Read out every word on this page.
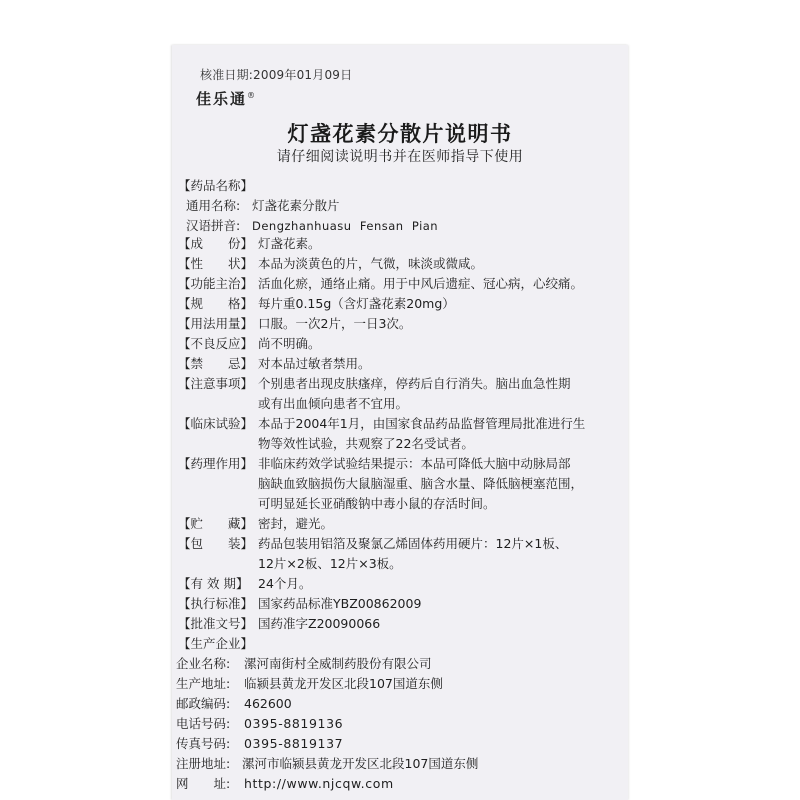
核准日期:2009年01月09日
佳乐通®
灯盏花素分散片说明书
请仔细阅读说明书并在医师指导下使用
【药品名称】
通用名称: 灯盏花素分散片
汉语拼音: Dengzhanhuasu  Fensan  Pian
【成　　份】 灯盏花素。
【性　　状】 本品为淡黄色的片，气微，味淡或微咸。
【功能主治】 活血化瘀，通络止痛。用于中风后遗症、冠心病，心绞痛。
【规　　格】 每片重0.15g（含灯盏花素20mg）
【用法用量】 口服。一次2片，一日3次。
【不良反应】 尚不明确。
【禁　　忌】 对本品过敏者禁用。
【注意事项】 个别患者出现皮肤瘙痒，停药后自行消失。脑出血急性期
或有出血倾向患者不宜用。
【临床试验】 本品于2004年1月，由国家食品药品监督管理局批准进行生
物等效性试验，共观察了22名受试者。
【药理作用】 非临床药效学试验结果提示：本品可降低大脑中动脉局部
脑缺血致脑损伤大鼠脑湿重、脑含水量、降低脑梗塞范围，
可明显延长亚硝酸钠中毒小鼠的存活时间。
【贮　　藏】 密封，避光。
【包　　装】 药品包装用铝箔及聚氯乙烯固体药用硬片：12片×1板、
12片×2板、12片×3板。
【有 效 期】 24个月。
【执行标准】 国家药品标准YBZ00862009
【批准文号】 国药准字Z20090066
【生产企业】
企业名称: 漯河南街村全威制药股份有限公司
生产地址: 临颍县黄龙开发区北段107国道东侧
邮政编码: 462600
电话号码: 0395-8819136
传真号码: 0395-8819137
注册地址: 漯河市临颍县黄龙开发区北段107国道东侧
网　　址: http://www.njcqw.com
